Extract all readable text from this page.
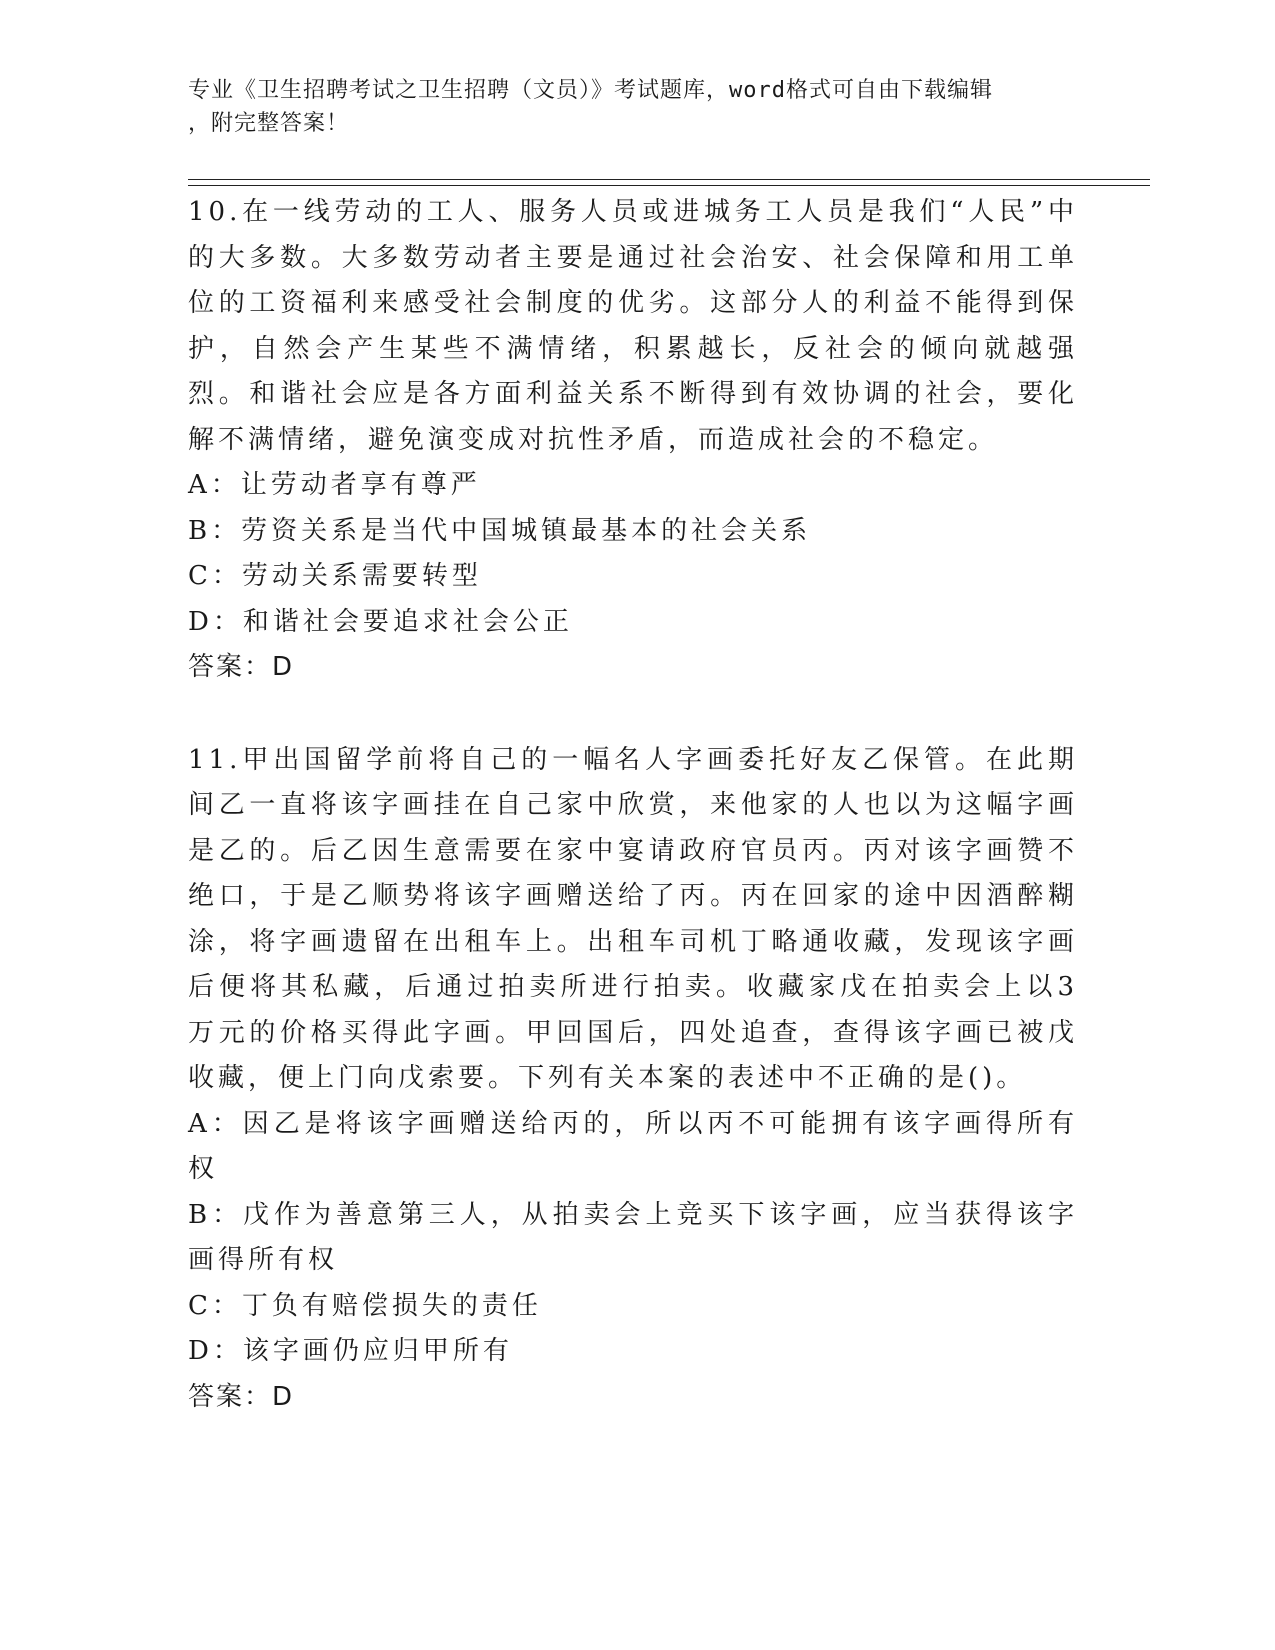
专业《卫生招聘考试之卫生招聘（文员）》考试题库，word格式可自由下载编辑
，附完整答案！

10.在一线劳动的工人、服务人员或进城务工人员是我们“人民”中的大多数。大多数劳动者主要是通过社会治安、社会保障和用工单位的工资福利来感受社会制度的优劣。这部分人的利益不能得到保护，自然会产生某些不满情绪，积累越长，反社会的倾向就越强烈。和谐社会应是各方面利益关系不断得到有效协调的社会，要化解不满情绪，避免演变成对抗性矛盾，而造成社会的不稳定。

A：让劳动者享有尊严

B：劳资关系是当代中国城镇最基本的社会关系

C：劳动关系需要转型

D：和谐社会要追求社会公正

答案：D

11.甲出国留学前将自己的一幅名人字画委托好友乙保管。在此期间乙一直将该字画挂在自己家中欣赏，来他家的人也以为这幅字画是乙的。后乙因生意需要在家中宴请政府官员丙。丙对该字画赞不绝口，于是乙顺势将该字画赠送给了丙。丙在回家的途中因酒醉糊涂，将字画遗留在出租车上。出租车司机丁略通收藏，发现该字画后便将其私藏，后通过拍卖所进行拍卖。收藏家戊在拍卖会上以3万元的价格买得此字画。甲回国后，四处追查，查得该字画已被戊收藏，便上门向戊索要。下列有关本案的表述中不正确的是()。

A：因乙是将该字画赠送给丙的，所以丙不可能拥有该字画得所有权

B：戊作为善意第三人，从拍卖会上竞买下该字画，应当获得该字画得所有权

C：丁负有赔偿损失的责任

D：该字画仍应归甲所有

答案：D
